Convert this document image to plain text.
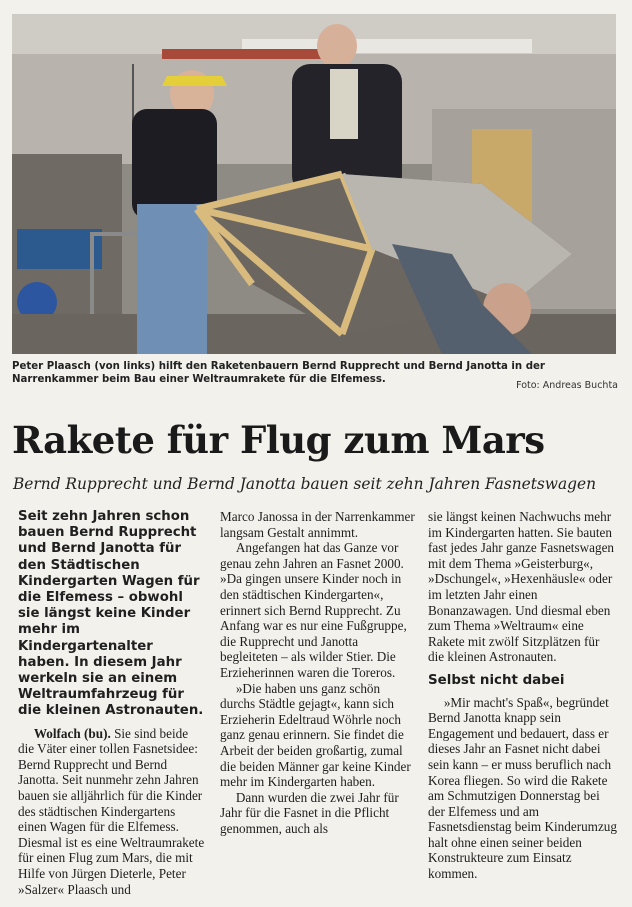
Peter Plaasch (von links) hilft den Raketenbauern Bernd Rupprecht und Bernd Janotta in der Narrenkammer beim Bau einer Weltraumrakete für die Elfemess.
Foto: Andreas Buchta
Rakete für Flug zum Mars
Bernd Rupprecht und Bernd Janotta bauen seit zehn Jahren Fasnetswagen

Seit zehn Jahren schon bauen Bernd Rupprecht und Bernd Janotta für den Städtischen Kindergarten Wagen für die Elfemess – obwohl sie längst keine Kinder mehr im Kindergartenalter haben. In diesem Jahr werkeln sie an einem Weltraumfahrzeug für die kleinen Astronauten.

Wolfach (bu). Sie sind beide die Väter einer tollen Fasnetsidee: Bernd Rupprecht und Bernd Janotta. Seit nunmehr zehn Jahren bauen sie alljährlich für die Kinder des städtischen Kindergartens einen Wagen für die Elfemess. Diesmal ist es eine Weltraumrakete für einen Flug zum Mars, die mit Hilfe von Jürgen Dieterle, Peter »Salzer« Plaasch und

Marco Janossa in der Narrenkammer langsam Gestalt annimmt.

Angefangen hat das Ganze vor genau zehn Jahren an Fasnet 2000. »Da gingen unsere Kinder noch in den städtischen Kindergarten«, erinnert sich Bernd Rupprecht. Zu Anfang war es nur eine Fußgruppe, die Rupprecht und Janotta begleiteten – als wilder Stier. Die Erzieherinnen waren die Toreros.

»Die haben uns ganz schön durchs Städtle gejagt«, kann sich Erzieherin Edeltraud Wöhrle noch ganz genau erinnern. Sie findet die Arbeit der beiden großartig, zumal die beiden Männer gar keine Kinder mehr im Kindergarten haben.

Dann wurden die zwei Jahr für Jahr für die Fasnet in die Pflicht genommen, auch als

sie längst keinen Nachwuchs mehr im Kindergarten hatten. Sie bauten fast jedes Jahr ganze Fasnetswagen mit dem Thema »Geisterburg«, »Dschungel«, »Hexenhäusle« oder im letzten Jahr einen Bonanzawagen. Und diesmal eben zum Thema »Weltraum« eine Rakete mit zwölf Sitzplätzen für die kleinen Astronauten.

Selbst nicht dabei

»Mir macht's Spaß«, begründet Bernd Janotta knapp sein Engagement und bedauert, dass er dieses Jahr an Fasnet nicht dabei sein kann – er muss beruflich nach Korea fliegen. So wird die Rakete am Schmutzigen Donnerstag bei der Elfemess und am Fasnetsdienstag beim Kinderumzug halt ohne einen seiner beiden Konstrukteure zum Einsatz kommen.
